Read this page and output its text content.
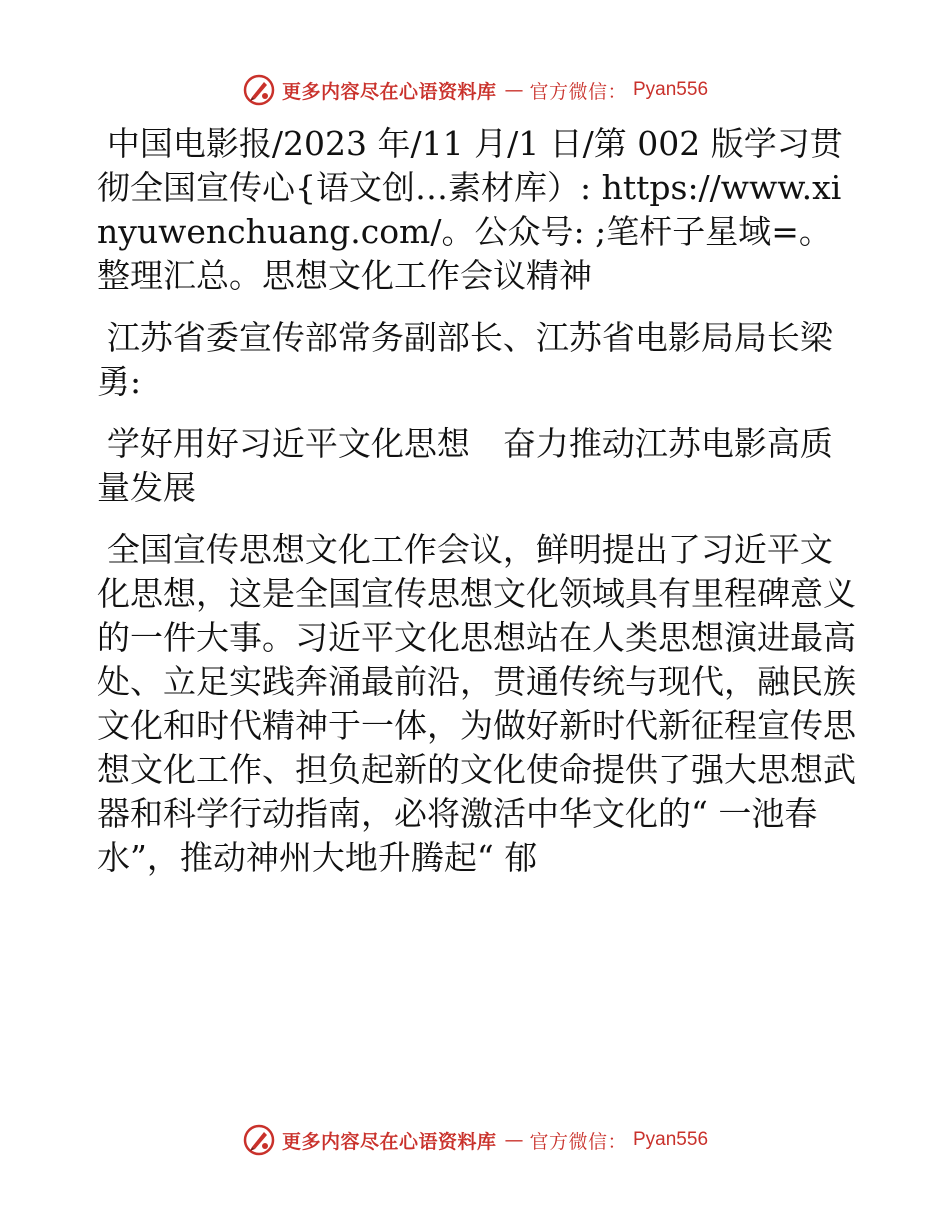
更多内容尽在心语资料库 — 官方微信： Pyan556

中国电影报/2023 年/11 月/1 日/第 002 版学习贯彻全国宣传心{语文创…素材库）: https://www.xinyuwenchuang.com/。公众号: ;笔杆子星域=。整理汇总。思想文化工作会议精神

江苏省委宣传部常务副部长、江苏省电影局局长梁勇:

学好用好习近平文化思想　奋力推动江苏电影高质量发展

全国宣传思想文化工作会议，鲜明提出了习近平文化思想，这是全国宣传思想文化领域具有里程碑意义的一件大事。习近平文化思想站在人类思想演进最高处、立足实践奔涌最前沿，贯通传统与现代，融民族文化和时代精神于一体，为做好新时代新征程宣传思想文化工作、担负起新的文化使命提供了强大思想武器和科学行动指南，必将激活中华文化的“ 一池春水”，推动神州大地升腾起“ 郁

更多内容尽在心语资料库 — 官方微信： Pyan556
